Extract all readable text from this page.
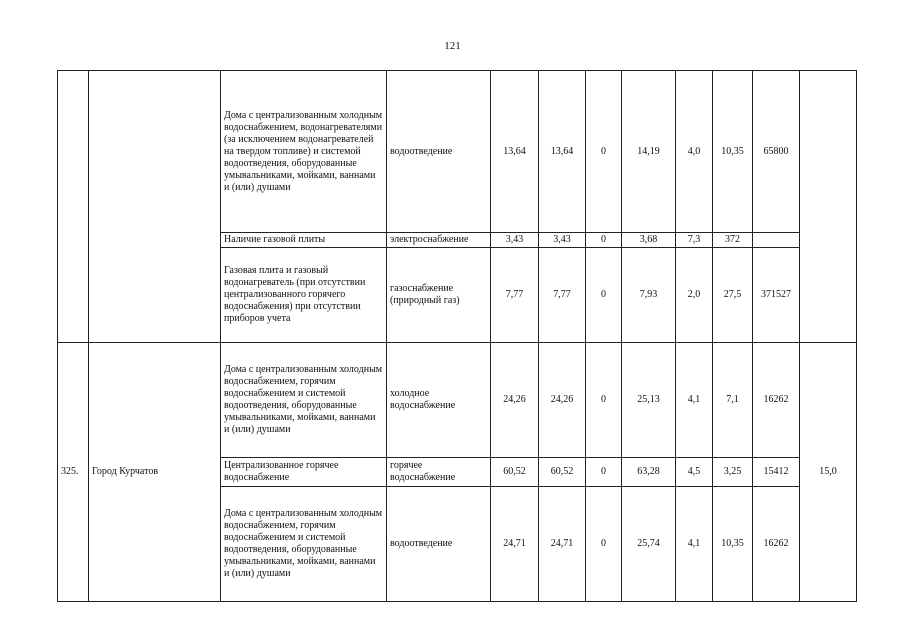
121
		Дома с централизованным холодным водоснабжением, водонагревателями (за исключением водонагревателей на твердом топливе) и системой водоотведения, оборудованные умывальниками, мойками, ваннами и (или) душами	водоотведение	13,64	13,64	0	14,19	4,0	10,35	65800	
		Наличие газовой плиты	электроснабжение	3,43	3,43	0	3,68	7,3	372		
		Газовая плита и газовый водонагреватель (при отсутствии централизованного горячего водоснабжения) при отсутствии приборов учета	газоснабжение (природный газ)	7,77	7,77	0	7,93	2,0	27,5	371527	
325.	Город Курчатов	Дома с централизованным холодным водоснабжением, горячим водоснабжением и системой водоотведения, оборудованные умывальниками, мойками, ваннами и (или) душами	холодное водоснабжение	24,26	24,26	0	25,13	4,1	7,1	16262	15,0
		Централизованное горячее водоснабжение	горячее водоснабжение	60,52	60,52	0	63,28	4,5	3,25	15412	
		Дома с централизованным холодным водоснабжением, горячим водоснабжением и системой водоотведения, оборудованные умывальниками, мойками, ваннами и (или) душами	водоотведение	24,71	24,71	0	25,74	4,1	10,35	16262	
